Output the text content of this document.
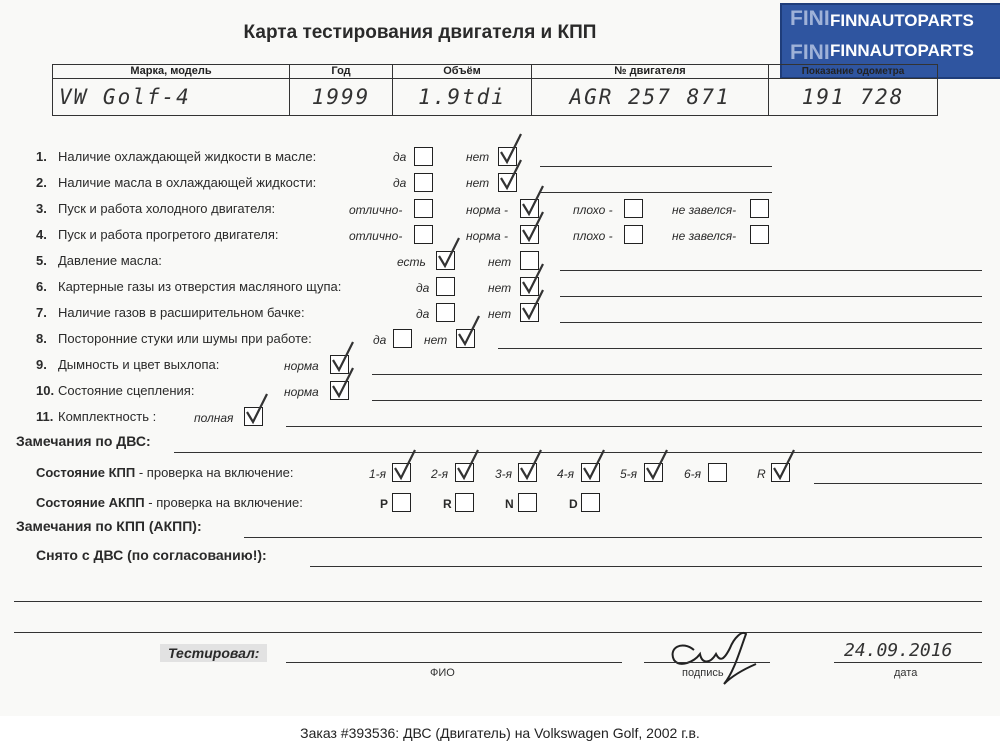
Карта тестирования двигателя и КПП
FINI FINNAUTOPARTS
FINI FINNAUTOPARTS
Марка, модель	Год	Объём	№ двигателя	Показание одометра
VW Golf-4	1999	1.9tdi	AGR 257 871	191 728
1. Наличие охлаждающей жидкости в масле:	да	нет
2. Наличие масла в охлаждающей жидкости:	да	нет
3. Пуск и работа холодного двигателя:	отлично-	норма -	плохо -	не завелся-
4. Пуск и работа прогретого двигателя:	отлично-	норма -	плохо -	не завелся-
5. Давление масла:	есть	нет
6. Картерные газы из отверстия масляного щупа:	да	нет
7. Наличие газов в расширительном бачке:	да	нет
8. Посторонние стуки или шумы при работе:	да	нет
9. Дымность и цвет выхлопа:	норма
10. Состояние сцепления:	норма
11. Комплектность :	полная
Замечания по ДВС:
Состояние КПП - проверка на включение:	1-я	2-я	3-я	4-я	5-я	6-я	R
Состояние АКПП - проверка на включение:	P	R	N	D
Замечания по КПП (АКПП):
Снято с ДВС (по согласованию!):
Тестировал:
ФИО	подпись
24.09.2016
дата
Заказ #393536: ДВС (Двигатель) на Volkswagen Golf, 2002 г.в.
